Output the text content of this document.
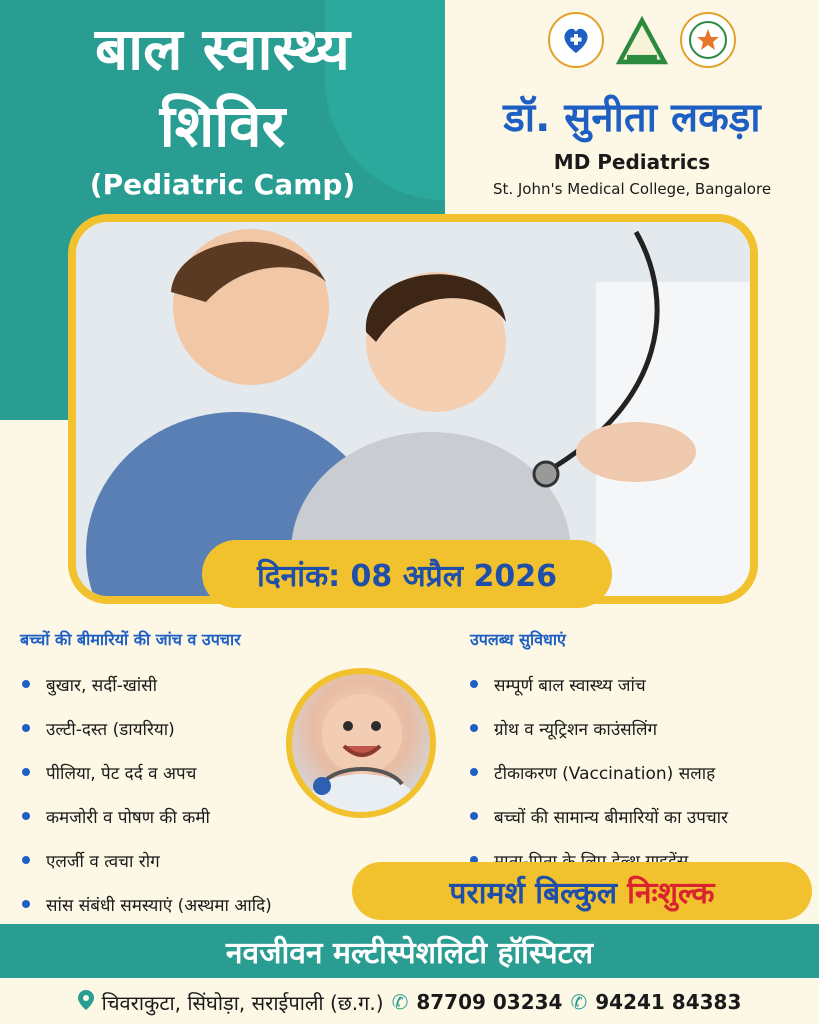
बाल स्वास्थ्य
शिविर
(Pediatric Camp)
डॉ. सुनीता लकड़ा
MD Pediatrics
St. John's Medical College, Bangalore
दिनांक: 08 अप्रैल 2026
बच्चों की बीमारियों की जांच व उपचार
बुखार, सर्दी-खांसी
उल्टी-दस्त (डायरिया)
पीलिया, पेट दर्द व अपच
कमजोरी व पोषण की कमी
एलर्जी व त्वचा रोग
सांस संबंधी समस्याएं (अस्थमा आदि)
उपलब्ध सुविधाएं
सम्पूर्ण बाल स्वास्थ्य जांच
ग्रोथ व न्यूट्रिशन काउंसलिंग
टीकाकरण (Vaccination) सलाह
बच्चों की सामान्य बीमारियों का उपचार
परामर्श बिल्कुल निःशुल्क
नवजीवन मल्टीस्पेशलिटी हॉस्पिटल
चिवराकुटा, सिंघोड़ा, सराईपाली (छ.ग.) ✆ 87709 03234 ✆ 94241 84383
